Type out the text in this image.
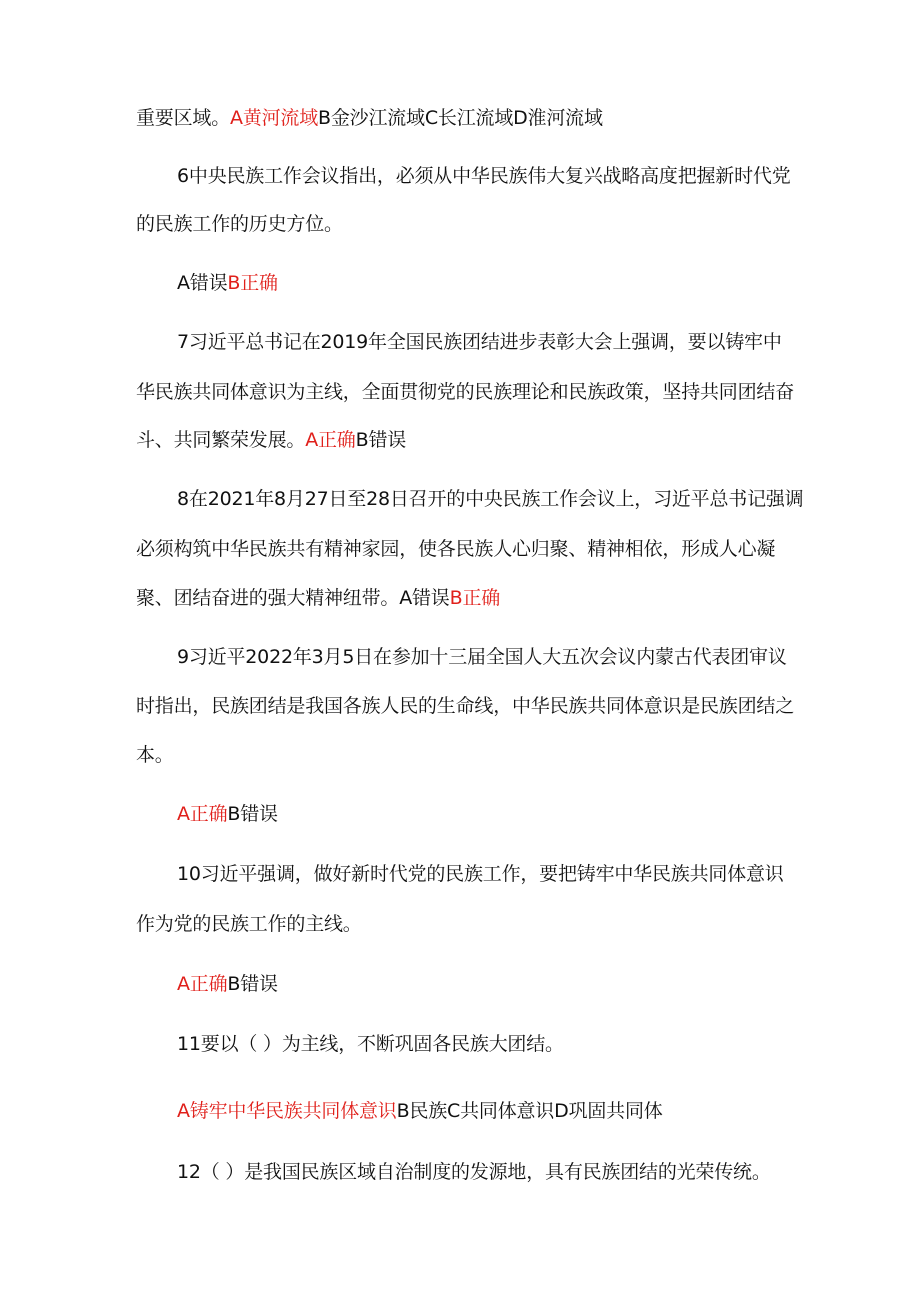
重要区域。A黄河流域B金沙江流域C长江流域D淮河流域
6中央民族工作会议指出，必须从中华民族伟大复兴战略高度把握新时代党
的民族工作的历史方位。
A错误B正确
7习近平总书记在2019年全国民族团结进步表彰大会上强调，要以铸牢中
华民族共同体意识为主线，全面贯彻党的民族理论和民族政策，坚持共同团结奋
斗、共同繁荣发展。A正确B错误
8在2021年8月27日至28日召开的中央民族工作会议上，习近平总书记强调
必须构筑中华民族共有精神家园，使各民族人心归聚、精神相依，形成人心凝
聚、团结奋进的强大精神纽带。A错误B正确
9习近平2022年3月5日在参加十三届全国人大五次会议内蒙古代表团审议
时指出，民族团结是我国各族人民的生命线，中华民族共同体意识是民族团结之
本。
A正确B错误
10习近平强调，做好新时代党的民族工作，要把铸牢中华民族共同体意识
作为党的民族工作的主线。
A正确B错误
11要以（ ）为主线，不断巩固各民族大团结。
A铸牢中华民族共同体意识B民族C共同体意识D巩固共同体
12（ ）是我国民族区域自治制度的发源地，具有民族团结的光荣传统。
